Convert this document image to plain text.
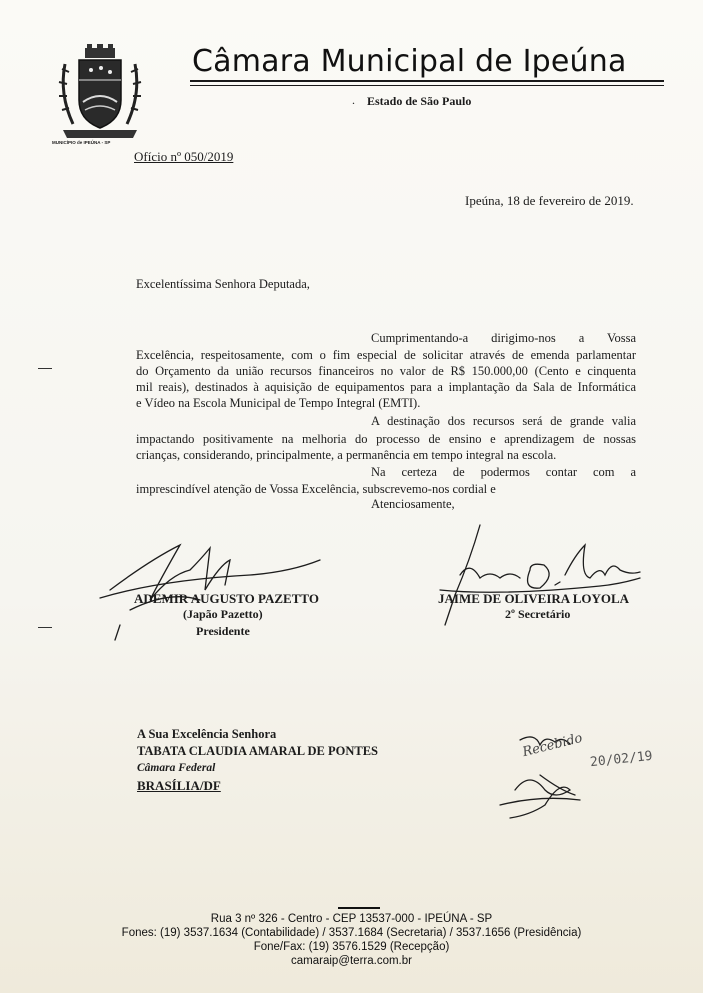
MUNICÍPIO de IPEÚNA - SP
Câmara Municipal de Ipeúna
. Estado de São Paulo
Ofício nº 050/2019
Ipeúna, 18 de fevereiro de 2019.
Excelentíssima Senhora Deputada,
Cumprimentando-a dirigimo-nos a Vossa
Excelência, respeitosamente, com o fim especial de solicitar através de emenda parlamentar
do Orçamento da união recursos financeiros no valor de R$ 150.000,00 (Cento e cinquenta
mil reais), destinados à aquisição de equipamentos para a implantação da Sala de Informática
e Vídeo na Escola Municipal de Tempo Integral (EMTI).
A destinação dos recursos será de grande valia
impactando positivamente na melhoria do processo de ensino e aprendizagem de nossas
crianças, considerando, principalmente, a permanência em tempo integral na escola.
Na certeza de podermos contar com a
imprescindível atenção de Vossa Excelência, subscrevemo-nos cordial e
Atenciosamente,
ADEMIR AUGUSTO PAZETTO
(Japão Pazetto)
Presidente
JAIME DE OLIVEIRA LOYOLA
2º Secretário
Recebido 20/02/19
A Sua Excelência Senhora
TABATA CLAUDIA AMARAL DE PONTES
Câmara Federal
BRASÍLIA/DF
Rua 3 nº 326 - Centro - CEP 13537-000 - IPEÚNA - SP
Fones: (19) 3537.1634 (Contabilidade) / 3537.1684 (Secretaria) / 3537.1656 (Presidência)
Fone/Fax: (19) 3576.1529 (Recepção)
camaraip@terra.com.br
